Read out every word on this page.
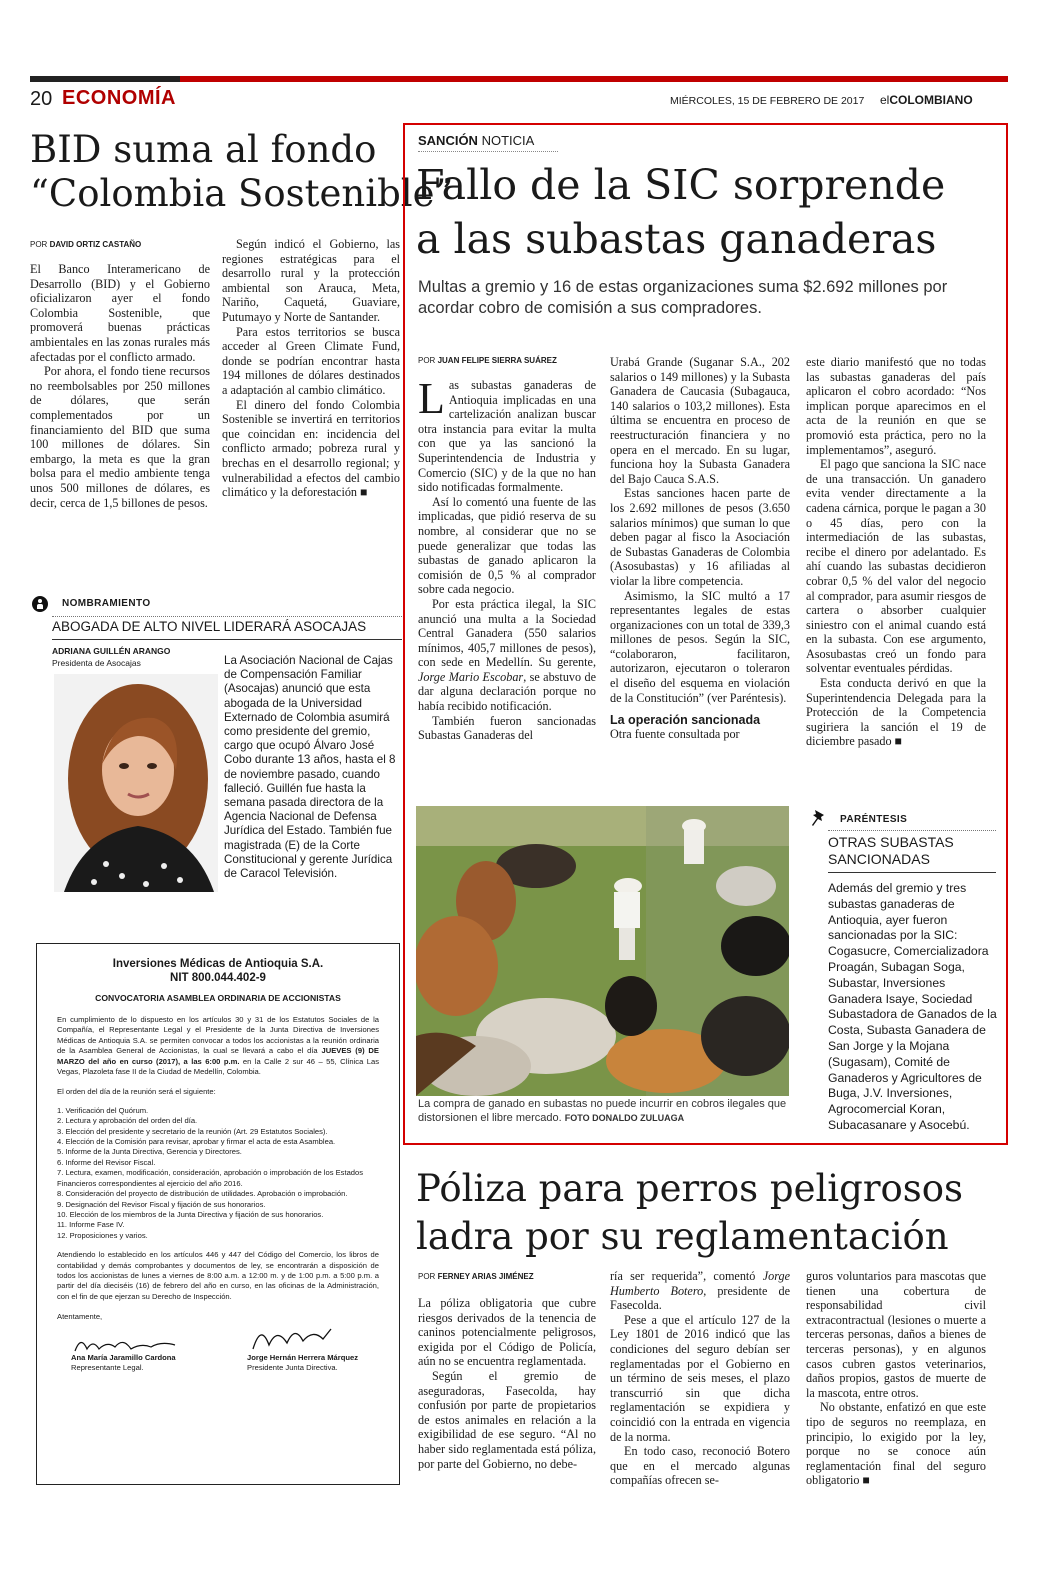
20 ECONOMÍA	MIÉRCOLES, 15 DE FEBRERO DE 2017 elCOLOMBIANO
BID suma al fondo
“Colombia Sostenible”
POR DAVID ORTIZ CASTAÑO

El Banco Interamericano de Desarrollo (BID) y el Gobierno oficializaron ayer el fondo Colombia Sostenible, que promoverá buenas prácticas ambientales en las zonas rurales más afectadas por el conflicto armado.

Por ahora, el fondo tiene recursos no reembolsables por 250 millones de dólares, que serán complementados por un financiamiento del BID que suma 100 millones de dólares. Sin embargo, la meta es que la gran bolsa para el medio ambiente tenga unos 500 millones de dólares, es decir, cerca de 1,5 billones de pesos.

Según indicó el Gobierno, las regiones estratégicas para el desarrollo rural y la protección ambiental son Arauca, Meta, Nariño, Caquetá, Guaviare, Putumayo y Norte de Santander.

Para estos territorios se busca acceder al Green Climate Fund, donde se podrían encontrar hasta 194 millones de dólares destinados a adaptación al cambio climático.

El dinero del fondo Colombia Sostenible se invertirá en territorios que coincidan en: incidencia del conflicto armado; pobreza rural y brechas en el desarrollo regional; y vulnerabilidad a efectos del cambio climático y la deforestación ■

NOMBRAMIENTO
ABOGADA DE ALTO NIVEL LIDERARÁ ASOCAJAS
ADRIANA GUILLÉN ARANGO
Presidenta de Asocajas	La Asociación Nacional de Cajas de Compensación Familiar (Asocajas) anunció que esta abogada de la Universidad Externado de Colombia asumirá como presidente del gremio, cargo que ocupó Álvaro José Cobo durante 13 años, hasta el 8 de noviembre pasado, cuando falleció. Guillén fue hasta la semana pasada directora de la Agencia Nacional de Defensa Jurídica del Estado. También fue magistrada (E) de la Corte Constitucional y gerente Jurídica de Caracol Televisión.
Inversiones Médicas de Antioquia S.A.
NIT 800.044.402-9
CONVOCATORIA ASAMBLEA ORDINARIA DE ACCIONISTAS
En cumplimiento de lo dispuesto en los artículos 30 y 31 de los Estatutos Sociales de la Compañía, el Representante Legal y el Presidente de la Junta Directiva de Inversiones Médicas de Antioquia S.A. se permiten convocar a todos los accionistas a la reunión ordinaria de la Asamblea General de Accionistas, la cual se llevará a cabo el día JUEVES (9) DE MARZO del año en curso (2017), a las 6:00 p.m. en la Calle 2 sur 46 – 55, Clínica Las Vegas, Plazoleta fase II de la Ciudad de Medellín, Colombia.
El orden del día de la reunión será el siguiente:
1. Verificación del Quórum.
2. Lectura y aprobación del orden del día.
3. Elección del presidente y secretario de la reunión (Art. 29 Estatutos Sociales).
4. Elección de la Comisión para revisar, aprobar y firmar el acta de esta Asamblea.
5. Informe de la Junta Directiva, Gerencia y Directores.
6. Informe del Revisor Fiscal.
7. Lectura, examen, modificación, consideración, aprobación o improbación de los Estados Financieros correspondientes al ejercicio del año 2016.
8. Consideración del proyecto de distribución de utilidades. Aprobación o improbación.
9. Designación del Revisor Fiscal y fijación de sus honorarios.
10. Elección de los miembros de la Junta Directiva y fijación de sus honorarios.
11. Informe Fase IV.
12. Proposiciones y varios.
Atendiendo lo establecido en los artículos 446 y 447 del Código del Comercio, los libros de contabilidad y demás comprobantes y documentos de ley, se encontrarán a disposición de todos los accionistas de lunes a viernes de 8:00 a.m. a 12:00 m. y de 1:00 p.m. a 5:00 p.m. a partir del día dieciséis (16) de febrero del año en curso, en las oficinas de la Administración, con el fin de que ejerzan su Derecho de Inspección.
Atentamente,
Ana María Jaramillo Cardona
Representante Legal.
Jorge Hernán Herrera Márquez
Presidente Junta Directiva.
SANCIÓN NOTICIA
Fallo de la SIC sorprende
a las subastas ganaderas
Multas a gremio y 16 de estas organizaciones suma $2.692 millones por acordar cobro de comisión a sus compradores.
POR JUAN FELIPE SIERRA SUÁREZ

Las subastas ganaderas de Antioquia implicadas en una cartelización analizan buscar otra instancia para evitar la multa con que ya las sancionó la Superintendencia de Industria y Comercio (SIC) y de la que no han sido notificadas formalmente.

Así lo comentó una fuente de las implicadas, que pidió reserva de su nombre, al considerar que no se puede generalizar que todas las subastas de ganado aplicaron la comisión de 0,5 % al comprador sobre cada negocio.

Por esta práctica ilegal, la SIC anunció una multa a la Sociedad Central Ganadera (550 salarios mínimos, 405,7 millones de pesos), con sede en Medellín. Su gerente, Jorge Mario Escobar, se abstuvo de dar alguna declaración porque no había recibido notificación.

También fueron sancionadas Subastas Ganaderas del

Urabá Grande (Suganar S.A., 202 salarios o 149 millones) y la Subasta Ganadera de Caucasia (Subagauca, 140 salarios o 103,2 millones). Esta última se encuentra en proceso de reestructuración financiera y no opera en el mercado. En su lugar, funciona hoy la Subasta Ganadera del Bajo Cauca S.A.S.

Estas sanciones hacen parte de los 2.692 millones de pesos (3.650 salarios mínimos) que suman lo que deben pagar al fisco la Asociación de Subastas Ganaderas de Colombia (Asosubastas) y 16 afiliadas al violar la libre competencia.

Asimismo, la SIC multó a 17 representantes legales de estas organizaciones con un total de 339,3 millones de pesos. Según la SIC, “colaboraron, facilitaron, autorizaron, ejecutaron o toleraron el diseño del esquema en violación de la Constitución” (ver Paréntesis).

La operación sancionada

Otra fuente consultada por

este diario manifestó que no todas las subastas ganaderas del país aplicaron el cobro acordado: “Nos implican porque aparecimos en el acta de la reunión en que se promovió esta práctica, pero no la implementamos”, aseguró.

El pago que sanciona la SIC nace de una transacción. Un ganadero evita vender directamente a la cadena cárnica, porque le pagan a 30 o 45 días, pero con la intermediación de las subastas, recibe el dinero por adelantado. Es ahí cuando las subastas decidieron cobrar 0,5 % del valor del negocio al comprador, para asumir riesgos de cartera o absorber cualquier siniestro con el animal cuando está en la subasta. Con ese argumento, Asosubastas creó un fondo para solventar eventuales pérdidas.

Esta conducta derivó en que la Superintendencia Delegada para la Protección de la Competencia sugiriera la sanción el 19 de diciembre pasado ■

La compra de ganado en subastas no puede incurrir en cobros ilegales que distorsionen el libre mercado. FOTO DONALDO ZULUAGA
PARÉNTESIS
OTRAS SUBASTAS
SANCIONADAS
Además del gremio y tres subastas ganaderas de Antioquia, ayer fueron sancionadas por la SIC: Cogasucre, Comercializadora Proagán, Subagan Soga, Subastar, Inversiones Ganadera Isaye, Sociedad Subastadora de Ganados de la Costa, Subasta Ganadera de San Jorge y la Mojana (Sugasam), Comité de Ganaderos y Agricultores de Buga, J.V. Inversiones, Agrocomercial Koran, Subacasanare y Asocebú.
Póliza para perros peligrosos
ladra por su reglamentación
POR FERNEY ARIAS JIMÉNEZ

La póliza obligatoria que cubre riesgos derivados de la tenencia de caninos potencialmente peligrosos, exigida por el Código de Policía, aún no se encuentra reglamentada.

Según el gremio de aseguradoras, Fasecolda, hay confusión por parte de propietarios de estos animales en relación a la exigibilidad de ese seguro. “Al no haber sido reglamentada está póliza, por parte del Gobierno, no debe-

ría ser requerida”, comentó Jorge Humberto Botero, presidente de Fasecolda.

Pese a que el artículo 127 de la Ley 1801 de 2016 indicó que las condiciones del seguro debían ser reglamentadas por el Gobierno en un término de seis meses, el plazo transcurrió sin que dicha reglamentación se expidiera y coincidió con la entrada en vigencia de la norma.

En todo caso, reconoció Botero que en el mercado algunas compañías ofrecen se-

guros voluntarios para mascotas que tienen una cobertura de responsabilidad civil extracontractual (lesiones o muerte a terceras personas, daños a bienes de terceras personas), y en algunos casos cubren gastos veterinarios, daños propios, gastos de muerte de la mascota, entre otros.

No obstante, enfatizó en que este tipo de seguros no reemplaza, en principio, lo exigido por la ley, porque no se conoce aún reglamentación final del seguro obligatorio ■
